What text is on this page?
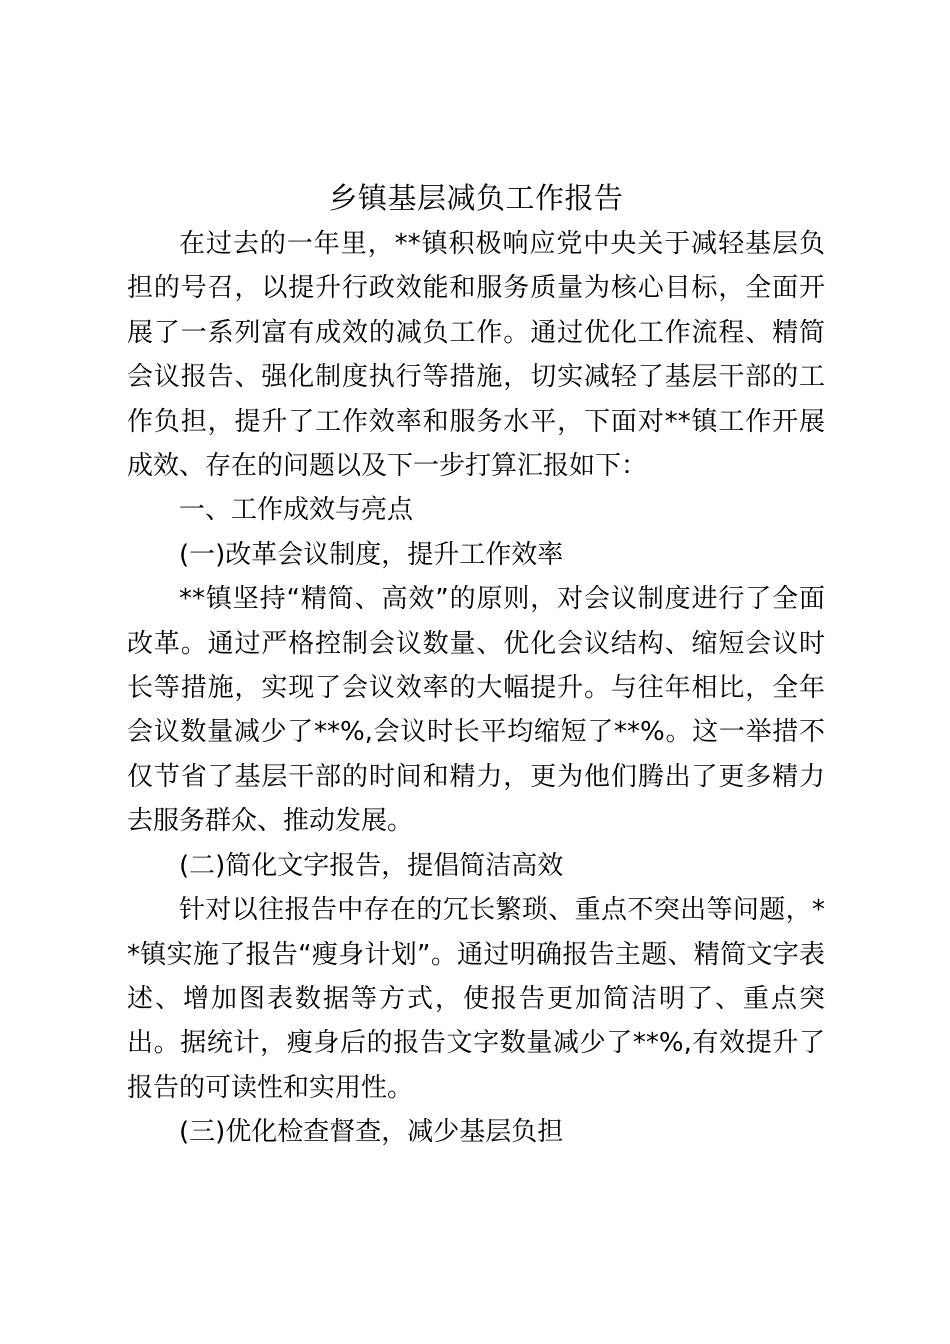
乡镇基层减负工作报告

在过去的一年里，**镇积极响应党中央关于减轻基层负担的号召，以提升行政效能和服务质量为核心目标，全面开展了一系列富有成效的减负工作。通过优化工作流程、精简会议报告、强化制度执行等措施，切实减轻了基层干部的工作负担，提升了工作效率和服务水平，下面对**镇工作开展成效、存在的问题以及下一步打算汇报如下：

一、工作成效与亮点

(一)改革会议制度，提升工作效率

**镇坚持“精简、高效”的原则，对会议制度进行了全面改革。通过严格控制会议数量、优化会议结构、缩短会议时长等措施，实现了会议效率的大幅提升。与往年相比，全年会议数量减少了**%,会议时长平均缩短了**%。这一举措不仅节省了基层干部的时间和精力，更为他们腾出了更多精力去服务群众、推动发展。

(二)简化文字报告，提倡简洁高效

针对以往报告中存在的冗长繁琐、重点不突出等问题，**镇实施了报告“瘦身计划”。通过明确报告主题、精简文字表述、增加图表数据等方式，使报告更加简洁明了、重点突出。据统计，瘦身后的报告文字数量减少了**%,有效提升了报告的可读性和实用性。

(三)优化检查督查，减少基层负担
